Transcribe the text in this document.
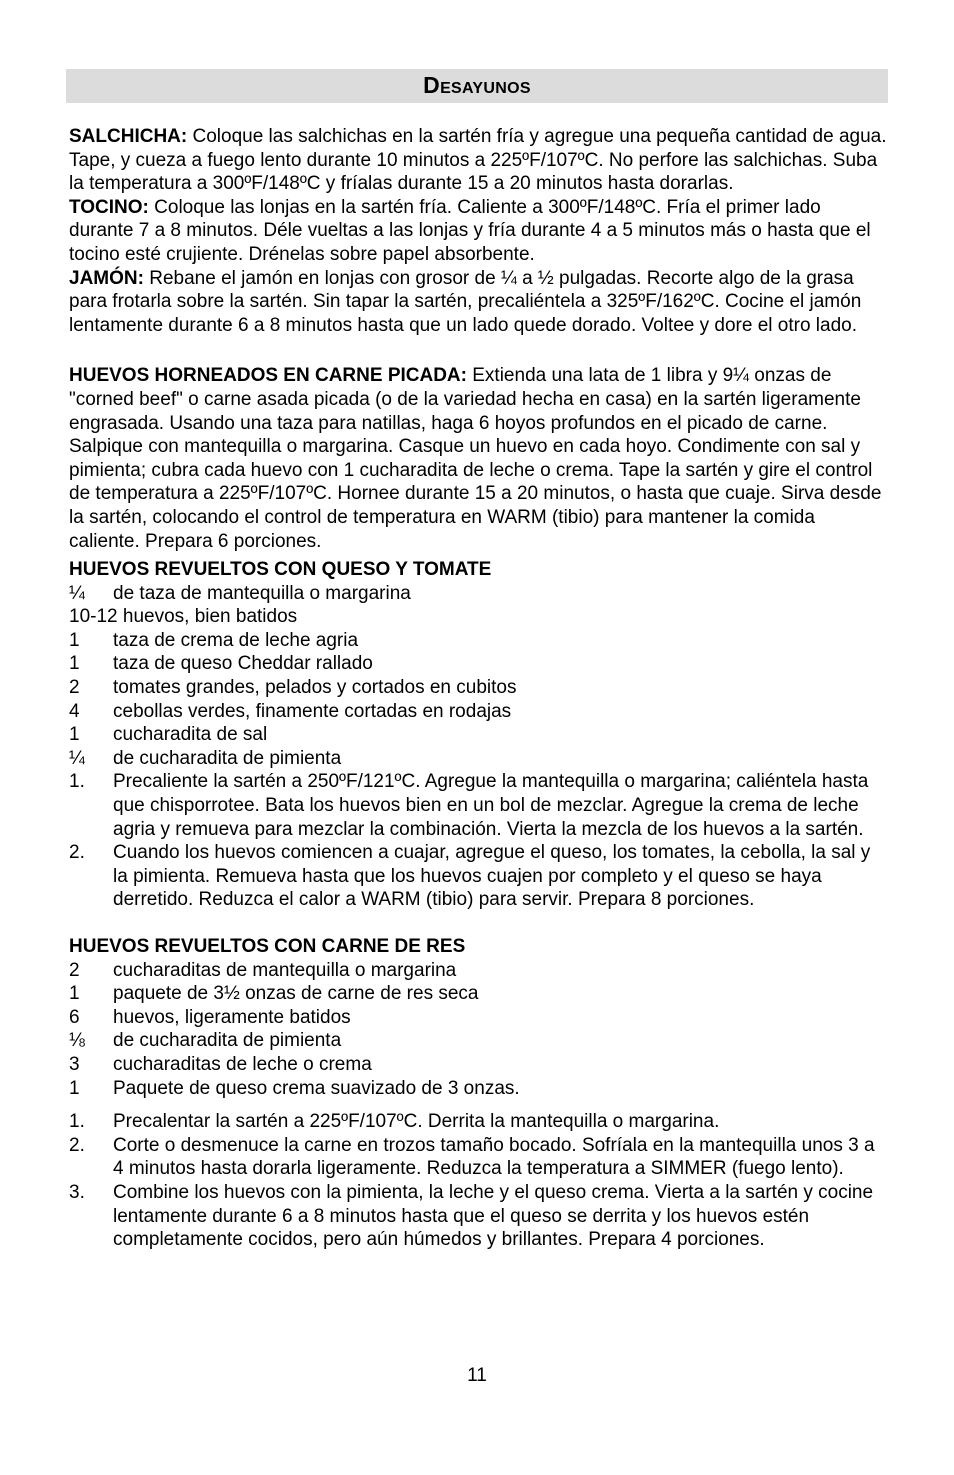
Desayunos

SALCHICHA: Coloque las salchichas en la sartén fría y agregue una pequeña cantidad de agua. Tape, y cueza a fuego lento durante 10 minutos a 225ºF/107ºC. No perfore las salchichas. Suba la temperatura a 300ºF/148ºC y fríalas durante 15 a 20 minutos hasta dorarlas.

TOCINO: Coloque las lonjas en la sartén fría. Caliente a 300ºF/148ºC. Fría el primer lado durante 7 a 8 minutos. Déle vueltas a las lonjas y fría durante 4 a 5 minutos más o hasta que el tocino esté crujiente. Drénelas sobre papel absorbente.

JAMÓN: Rebane el jamón en lonjas con grosor de ¼ a ½ pulgadas. Recorte algo de la grasa para frotarla sobre la sartén. Sin tapar la sartén, precaliéntela a 325ºF/162ºC. Cocine el jamón lentamente durante 6 a 8 minutos hasta que un lado quede dorado. Voltee y dore el otro lado.

HUEVOS HORNEADOS EN CARNE PICADA: Extienda una lata de 1 libra y 9¼ onzas de "corned beef" o carne asada picada (o de la variedad hecha en casa) en la sartén ligeramente engrasada. Usando una taza para natillas, haga 6 hoyos profundos en el picado de carne. Salpique con mantequilla o margarina. Casque un huevo en cada hoyo. Condimente con sal y pimienta; cubra cada huevo con 1 cucharadita de leche o crema. Tape la sartén y gire el control de temperatura a 225ºF/107ºC. Hornee durante 15 a 20 minutos, o hasta que cuaje. Sirva desde la sartén, colocando el control de temperatura en WARM (tibio) para mantener la comida caliente. Prepara 6 porciones.

HUEVOS REVUELTOS CON QUESO Y TOMATE

¼	de taza de mantequilla o margarina
10-12 huevos, bien batidos
1	taza de crema de leche agria
1	taza de queso Cheddar rallado
2	tomates grandes, pelados y cortados en cubitos
4	cebollas verdes, finamente cortadas en rodajas
1	cucharadita de sal
¼	de cucharadita de pimienta
1.	Precaliente la sartén a 250ºF/121ºC. Agregue la mantequilla o margarina; caliéntela hasta que chisporrotee. Bata los huevos bien en un bol de mezclar. Agregue la crema de leche agria y remueva para mezclar la combinación. Vierta la mezcla de los huevos a la sartén.
2.	Cuando los huevos comiencen a cuajar, agregue el queso, los tomates, la cebolla, la sal y la pimienta. Remueva hasta que los huevos cuajen por completo y el queso se haya derretido. Reduzca el calor a WARM (tibio) para servir. Prepara 8 porciones.

HUEVOS REVUELTOS CON CARNE DE RES

2	cucharaditas de mantequilla o margarina
1	paquete de 3½ onzas de carne de res seca
6	huevos, ligeramente batidos
⅛	de cucharadita de pimienta
3	cucharaditas de leche o crema
1	Paquete de queso crema suavizado de 3 onzas.
1.	Precalentar la sartén a 225ºF/107ºC. Derrita la mantequilla o margarina.
2.	Corte o desmenuce la carne en trozos tamaño bocado. Sofríala en la mantequilla unos 3 a 4 minutos hasta dorarla ligeramente. Reduzca la temperatura a SIMMER (fuego lento).
3.	Combine los huevos con la pimienta, la leche y el queso crema. Vierta a la sartén y cocine lentamente durante 6 a 8 minutos hasta que el queso se derrita y los huevos estén completamente cocidos, pero aún húmedos y brillantes. Prepara 4 porciones.
11
